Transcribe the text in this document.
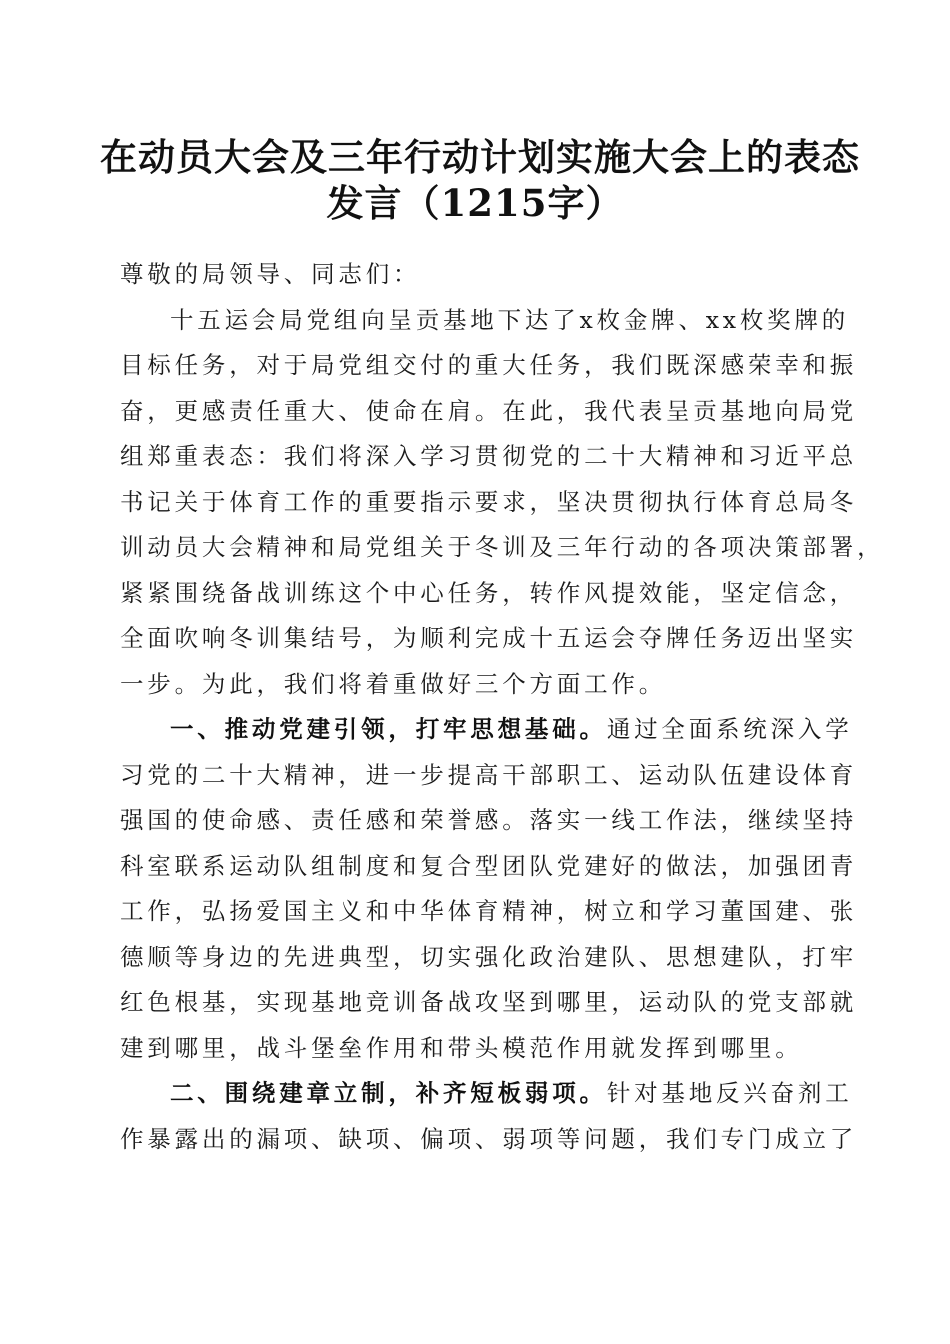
在动员大会及三年行动计划实施大会上的表态
发言（1215字）
尊敬的局领导、同志们：
十五运会局党组向呈贡基地下达了x枚金牌、xx枚奖牌的
目标任务，对于局党组交付的重大任务，我们既深感荣幸和振
奋，更感责任重大、使命在肩。在此，我代表呈贡基地向局党
组郑重表态：我们将深入学习贯彻党的二十大精神和习近平总
书记关于体育工作的重要指示要求，坚决贯彻执行体育总局冬
训动员大会精神和局党组关于冬训及三年行动的各项决策部署，
紧紧围绕备战训练这个中心任务，转作风提效能，坚定信念，
全面吹响冬训集结号，为顺利完成十五运会夺牌任务迈出坚实
一步。为此，我们将着重做好三个方面工作。
一、推动党建引领，打牢思想基础。通过全面系统深入学
习党的二十大精神，进一步提高干部职工、运动队伍建设体育
强国的使命感、责任感和荣誉感。落实一线工作法，继续坚持
科室联系运动队组制度和复合型团队党建好的做法，加强团青
工作，弘扬爱国主义和中华体育精神，树立和学习董国建、张
德顺等身边的先进典型，切实强化政治建队、思想建队，打牢
红色根基，实现基地竞训备战攻坚到哪里，运动队的党支部就
建到哪里，战斗堡垒作用和带头模范作用就发挥到哪里。
二、围绕建章立制，补齐短板弱项。针对基地反兴奋剂工
作暴露出的漏项、缺项、偏项、弱项等问题，我们专门成立了
